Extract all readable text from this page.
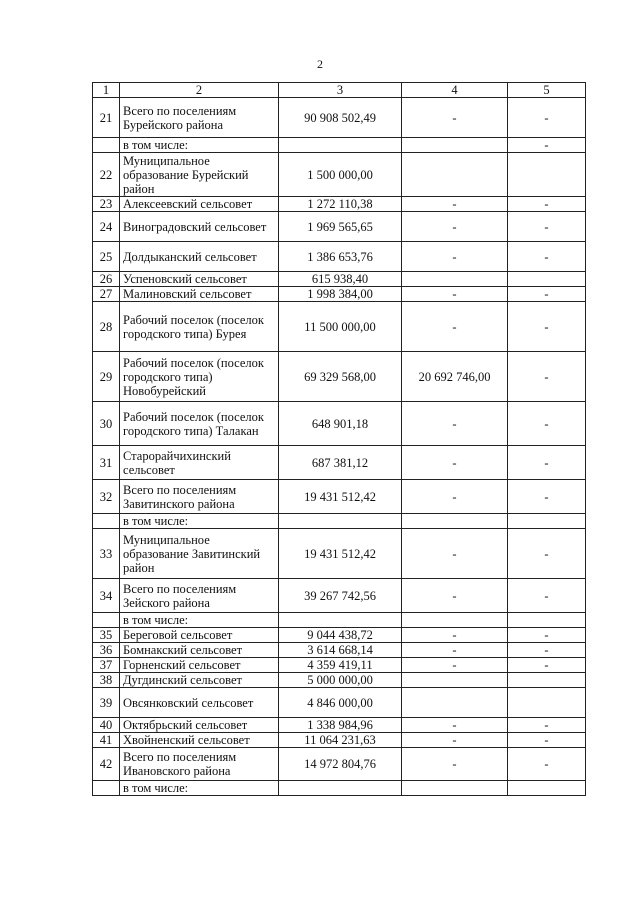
2
1	2	3	4	5
21	Всего по поселениям Бурейского района	90 908 502,49	-	-
	в том числе:			-
22	Муниципальное образование Бурейский район	1 500 000,00		
23	Алексеевский сельсовет	1 272 110,38	-	-
24	Виноградовский сельсовет	1 969 565,65	-	-
25	Долдыканский сельсовет	1 386 653,76	-	-
26	Успеновский сельсовет	615 938,40		
27	Малиновский сельсовет	1 998 384,00	-	-
28	Рабочий поселок (поселок городского типа) Бурея	11 500 000,00	-	-
29	Рабочий поселок (поселок городского типа) Новобурейский	69 329 568,00	20 692 746,00	-
30	Рабочий поселок (поселок городского типа) Талакан	648 901,18	-	-
31	Старорайчихинский сельсовет	687 381,12	-	-
32	Всего по поселениям Завитинского района	19 431 512,42	-	-
	в том числе:			
33	Муниципальное образование Завитинский район	19 431 512,42	-	-
34	Всего по поселениям Зейского района	39 267 742,56	-	-
	в том числе:			
35	Береговой сельсовет	9 044 438,72	-	-
36	Бомнакский сельсовет	3 614 668,14	-	-
37	Горненский сельсовет	4 359 419,11	-	-
38	Дугдинский сельсовет	5 000 000,00		
39	Овсянковский сельсовет	4 846 000,00		
40	Октябрьский сельсовет	1 338 984,96	-	-
41	Хвойненский сельсовет	11 064 231,63	-	-
42	Всего по поселениям Ивановского района	14 972 804,76	-	-
	в том числе:			
